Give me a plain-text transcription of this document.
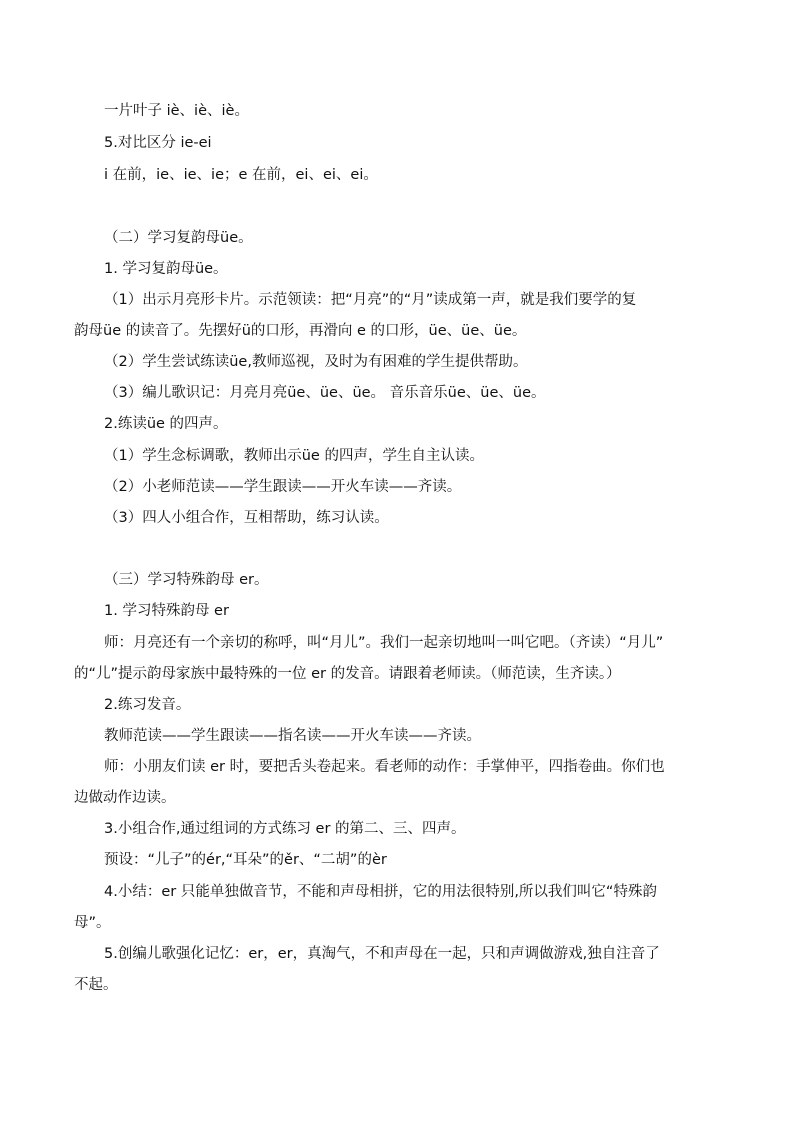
一片叶子 iè、iè、iè。
5.对比区分 ie-ei
i 在前，ie、ie、ie；e 在前，ei、ei、ei。
（二）学习复韵母üe。
1. 学习复韵母üe。
（1）出示月亮形卡片。示范领读：把“月亮”的“月”读成第一声，就是我们要学的复
韵母üe 的读音了。先摆好ü的口形，再滑向 e 的口形，üe、üe、üe。
（2）学生尝试练读üe,教师巡视，及时为有困难的学生提供帮助。
（3）编儿歌识记：月亮月亮üe、üe、üe。 音乐音乐üe、üe、üe。
2.练读üe 的四声。
（1）学生念标调歌，教师出示üe 的四声，学生自主认读。
（2）小老师范读——学生跟读——开火车读——齐读。
（3）四人小组合作，互相帮助，练习认读。
（三）学习特殊韵母 er。
1. 学习特殊韵母 er
师：月亮还有一个亲切的称呼，叫“月儿”。我们一起亲切地叫一叫它吧。（齐读）“月儿”
的“儿”提示韵母家族中最特殊的一位 er 的发音。请跟着老师读。（师范读，生齐读。）
2.练习发音。
教师范读——学生跟读——指名读——开火车读——齐读。
师：小朋友们读 er 时，要把舌头卷起来。看老师的动作：手掌伸平，四指卷曲。你们也
边做动作边读。
3.小组合作,通过组词的方式练习 er 的第二、三、四声。
预设：“儿子”的ér,“耳朵”的ěr、“二胡”的èr
4.小结：er 只能单独做音节，不能和声母相拼，它的用法很特别,所以我们叫它“特殊韵
母”。
5.创编儿歌强化记忆：er，er，真淘气，不和声母在一起，只和声调做游戏,独自注音了
不起。
